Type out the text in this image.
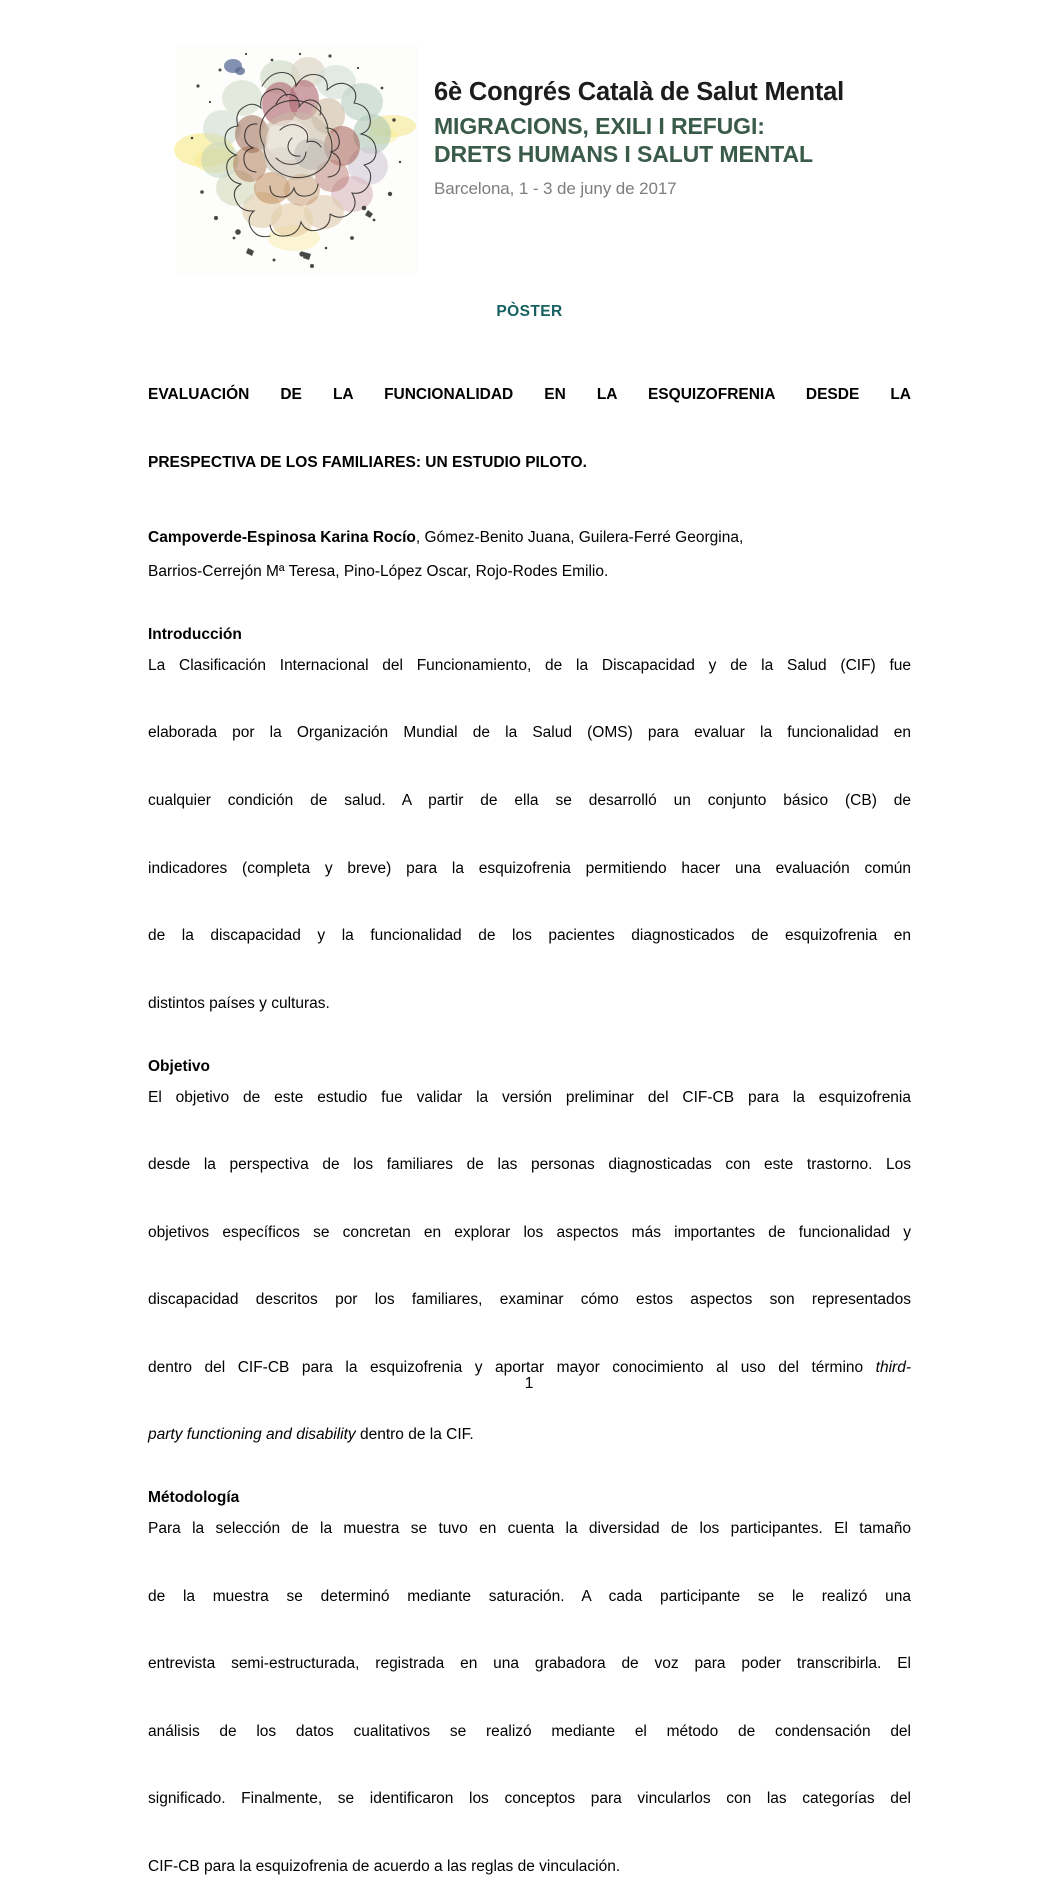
6è Congrés Català de Salut Mental
MIGRACIONS, EXILI I REFUGI:
DRETS HUMANS I SALUT MENTAL
Barcelona, 1 - 3 de juny de 2017
PÒSTER
EVALUACIÓN DE LA FUNCIONALIDAD EN LA ESQUIZOFRENIA DESDE LA
PRESPECTIVA DE LOS FAMILIARES: UN ESTUDIO PILOTO.
Campoverde-Espinosa Karina Rocío, Gómez-Benito Juana, Guilera-Ferré Georgina,
Barrios-Cerrejón Mª Teresa, Pino-López Oscar, Rojo-Rodes Emilio.
Introducción

La Clasificación Internacional del Funcionamiento, de la Discapacidad y de la Salud (CIF) fue
elaborada por la Organización Mundial de la Salud (OMS) para evaluar la funcionalidad en
cualquier condición de salud. A partir de ella se desarrolló un conjunto básico (CB) de
indicadores (completa y breve) para la esquizofrenia permitiendo hacer una evaluación común
de la discapacidad y la funcionalidad de los pacientes diagnosticados de esquizofrenia en
distintos países y culturas.

Objetivo

El objetivo de este estudio fue validar la versión preliminar del CIF-CB para la esquizofrenia
desde la perspectiva de los familiares de las personas diagnosticadas con este trastorno. Los
objetivos específicos se concretan en explorar los aspectos más importantes de funcionalidad y
discapacidad descritos por los familiares, examinar cómo estos aspectos son representados
dentro del CIF-CB para la esquizofrenia y aportar mayor conocimiento al uso del término third-
party functioning and disability dentro de la CIF.

Métodología

Para la selección de la muestra se tuvo en cuenta la diversidad de los participantes. El tamaño
de la muestra se determinó mediante saturación. A cada participante se le realizó una
entrevista semi-estructurada, registrada en una grabadora de voz para poder transcribirla. El
análisis de los datos cualitativos se realizó mediante el método de condensación del
significado. Finalmente, se identificaron los conceptos para vincularlos con las categorías del
CIF-CB para la esquizofrenia de acuerdo a las reglas de vinculación.

1
